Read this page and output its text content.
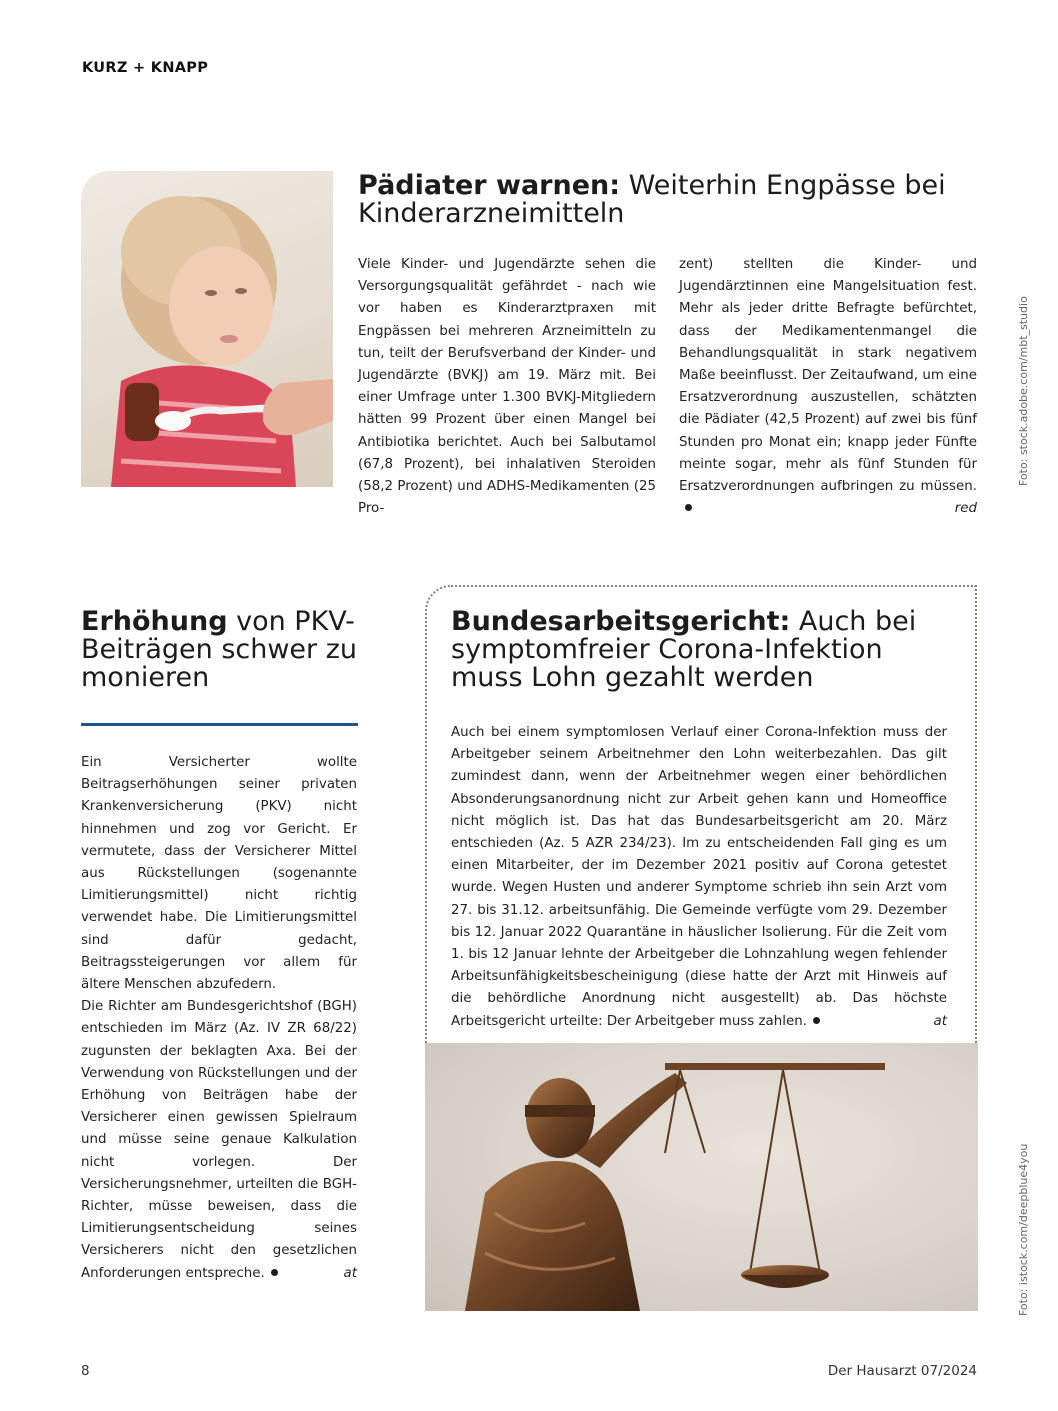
KURZ + KNAPP
Pädiater warnen: Weiterhin Engpässe bei Kinderarzneimitteln

Viele Kinder- und Jugendärzte sehen die Versorgungsqualität gefährdet - nach wie vor haben es Kinderarztpraxen mit Engpässen bei mehreren Arzneimitteln zu tun, teilt der Berufsverband der Kinder- und Jugendärzte (BVKJ) am 19. März mit. Bei einer Umfrage unter 1.300 BVKJ-Mitgliedern hätten 99 Prozent über einen Mangel bei Antibiotika berichtet. Auch bei Salbutamol (67,8 Prozent), bei inhalativen Steroiden (58,2 Prozent) und ADHS-Medikamenten (25 Pro-

zent) stellten die Kinder- und Jugendärztinnen eine Mangelsituation fest. Mehr als jeder dritte Befragte befürchtet, dass der Medikamentenmangel die Behandlungsqualität in stark negativem Maße beeinflusst. Der Zeitaufwand, um eine Ersatzverordnung auszustellen, schätzten die Pädiater (42,5 Prozent) auf zwei bis fünf Stunden pro Monat ein; knapp jeder Fünfte meinte sogar, mehr als fünf Stunden für Ersatzverordnungen aufbringen zu müssen.
red

Foto: stock.adobe.com/mbt_studio
Erhöhung von PKV-Beiträgen schwer zu monieren

Ein Versicherter wollte Beitragserhöhungen seiner privaten Krankenversicherung (PKV) nicht hinnehmen und zog vor Gericht. Er vermutete, dass der Versicherer Mittel aus Rückstellungen (sogenannte Limitierungsmittel) nicht richtig verwendet habe. Die Limitierungsmittel sind dafür gedacht, Beitragssteigerungen vor allem für ältere Menschen abzufedern.

Die Richter am Bundesgerichtshof (BGH) entschieden im März (Az. IV ZR 68/22) zugunsten der beklagten Axa. Bei der Verwendung von Rückstellungen und der Erhöhung von Beiträgen habe der Versicherer einen gewissen Spielraum und müsse seine genaue Kalkulation nicht vorlegen. Der Versicherungsnehmer, urteilten die BGH-Richter, müsse beweisen, dass die Limitierungsentscheidung seines Versicherers nicht den gesetzlichen Anforderungen entspreche.	at

Bundesarbeitsgericht: Auch bei symptomfreier Corona-Infektion muss Lohn gezahlt werden

Auch bei einem symptomlosen Verlauf einer Corona-Infektion muss der Arbeitgeber seinem Arbeitnehmer den Lohn weiterbezahlen. Das gilt zumindest dann, wenn der Arbeitnehmer wegen einer behördlichen Absonderungsanordnung nicht zur Arbeit gehen kann und Homeoffice nicht möglich ist. Das hat das Bundesarbeitsgericht am 20. März entschieden (Az. 5 AZR 234/23). Im zu entscheidenden Fall ging es um einen Mitarbeiter, der im Dezember 2021 positiv auf Corona getestet wurde. Wegen Husten und anderer Symptome schrieb ihn sein Arzt vom 27. bis 31.12. arbeitsunfähig. Die Gemeinde verfügte vom 29. Dezember bis 12. Januar 2022 Quarantäne in häuslicher Isolierung. Für die Zeit vom 1. bis 12 Januar lehnte der Arbeitgeber die Lohnzahlung wegen fehlender Arbeitsunfähigkeitsbescheinigung (diese hatte der Arzt mit Hinweis auf die behördliche Anordnung nicht ausgestellt) ab. Das höchste Arbeitsgericht urteilte: Der Arbeitgeber muss zahlen.	at

Foto: istock.com/deepblue4you
8	Der Hausarzt 07/2024
